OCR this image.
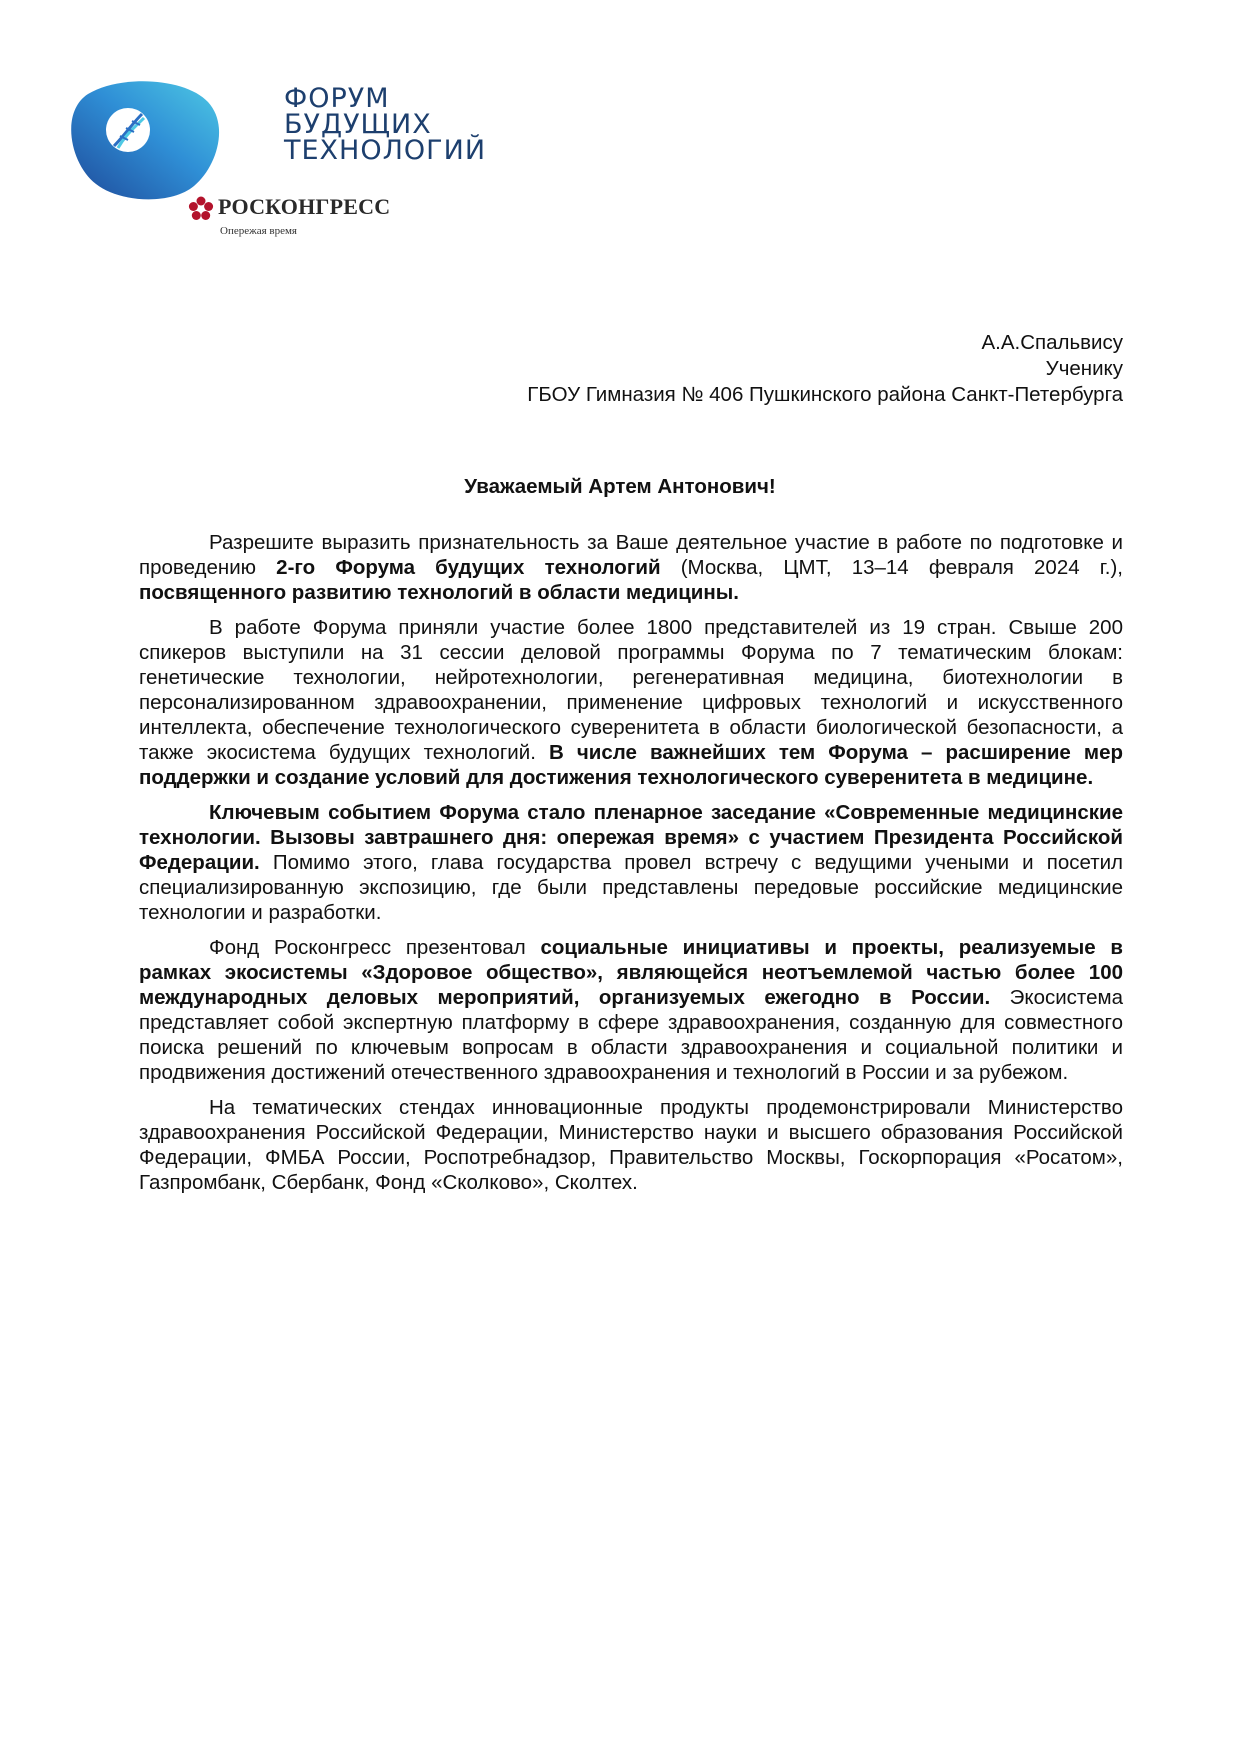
ФОРУМ
БУДУЩИХ
ТЕХНОЛОГИЙ
РОСКОНГРЕСС
Опережая время
А.А.Спальвису
Ученику
ГБОУ Гимназия № 406 Пушкинского района Санкт-Петербурга
Уважаемый Артем Антонович!

Разрешите выразить признательность за Ваше деятельное участие в работе по подготовке и проведению 2-го Форума будущих технологий (Москва, ЦМТ, 13–14 февраля 2024 г.), посвященного развитию технологий в области медицины.

В работе Форума приняли участие более 1800 представителей из 19 стран. Свыше 200 спикеров выступили на 31 сессии деловой программы Форума по 7 тематическим блокам: генетические технологии, нейротехнологии, регенеративная медицина, биотехнологии в персонализированном здравоохранении, применение цифровых технологий и искусственного интеллекта, обеспечение технологического суверенитета в области биологической безопасности, а также экосистема будущих технологий. В числе важнейших тем Форума – расширение мер поддержки и создание условий для достижения технологического суверенитета в медицине.

Ключевым событием Форума стало пленарное заседание «Современные медицинские технологии. Вызовы завтрашнего дня: опережая время» с участием Президента Российской Федерации. Помимо этого, глава государства провел встречу с ведущими учеными и посетил специализированную экспозицию, где были представлены передовые российские медицинские технологии и разработки.

Фонд Росконгресс презентовал социальные инициативы и проекты, реализуемые в рамках экосистемы «Здоровое общество», являющейся неотъемлемой частью более 100 международных деловых мероприятий, организуемых ежегодно в России. Экосистема представляет собой экспертную платформу в сфере здравоохранения, созданную для совместного поиска решений по ключевым вопросам в области здравоохранения и социальной политики и продвижения достижений отечественного здравоохранения и технологий в России и за рубежом.

На тематических стендах инновационные продукты продемонстрировали Министерство здравоохранения Российской Федерации, Министерство науки и высшего образования Российской Федерации, ФМБА России, Роспотребнадзор, Правительство Москвы, Госкорпорация «Росатом», Газпромбанк, Сбербанк, Фонд «Сколково», Сколтех.
